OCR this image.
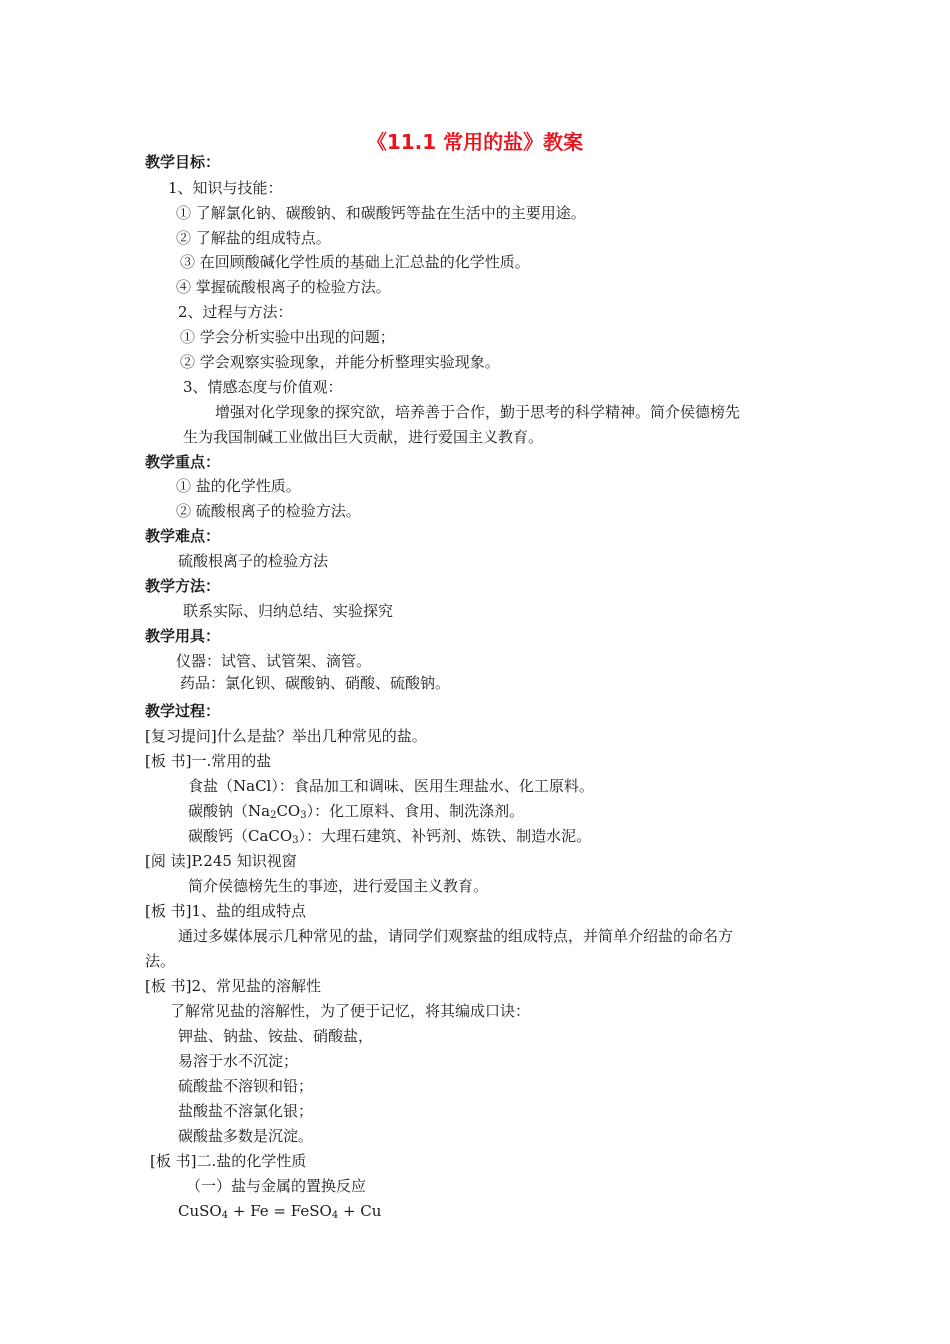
《11.1 常用的盐》教案
教学目标：
1、知识与技能：
① 了解氯化钠、碳酸钠、和碳酸钙等盐在生活中的主要用途。
② 了解盐的组成特点。
③ 在回顾酸碱化学性质的基础上汇总盐的化学性质。
④ 掌握硫酸根离子的检验方法。
2、过程与方法：
① 学会分析实验中出现的问题；
② 学会观察实验现象，并能分析整理实验现象。
3、情感态度与价值观：
增强对化学现象的探究欲，培养善于合作，勤于思考的科学精神。简介侯德榜先
生为我国制碱工业做出巨大贡献，进行爱国主义教育。
教学重点：
① 盐的化学性质。
② 硫酸根离子的检验方法。
教学难点：
硫酸根离子的检验方法
教学方法：
联系实际、归纳总结、实验探究
教学用具：
仪器：试管、试管架、滴管。
药品：氯化钡、碳酸钠、硝酸、硫酸钠。
教学过程：
[复习提问]什么是盐？举出几种常见的盐。
[板 书]一.常用的盐
食盐（NaCl）：食品加工和调味、医用生理盐水、化工原料。
碳酸钠$(Na_2CO_3)$：化工原料、食用、制洗涤剂。
碳酸钙（CaCO$_3$）：大理石建筑、补钙剂、炼铁、制造水泥。
[阅 读]P.245 知识视窗
简介侯德榜先生的事迹，进行爱国主义教育。
[板 书]1、盐的组成特点
通过多媒体展示几种常见的盐，请同学们观察盐的组成特点，并简单介绍盐的命名方
法。
[板 书]2、常见盐的溶解性
了解常见盐的溶解性，为了便于记忆，将其编成口诀：
钾盐、钠盐、铵盐、硝酸盐，
易溶于水不沉淀；
硫酸盐不溶钡和铅；
盐酸盐不溶氯化银；
碳酸盐多数是沉淀。
[板 书]二.盐的化学性质
（一）盐与金属的置换反应
CuSO$_4$ + Fe = FeSO$_4$ + Cu
